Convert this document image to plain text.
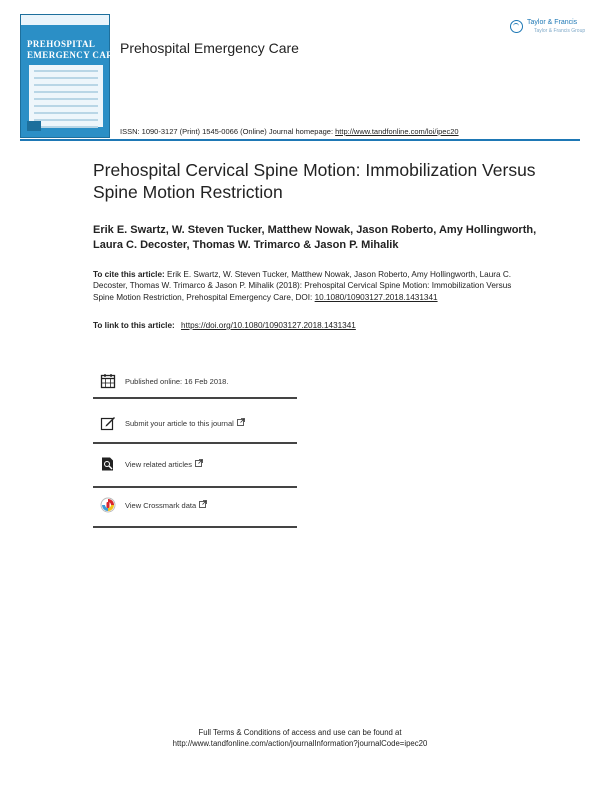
PREHOSPITAL
EMERGENCY CARE Prehospital Emergency Care
Taylor & Francis
Taylor & Francis Group
ISSN: 1090-3127 (Print) 1545-0066 (Online) Journal homepage: http://www.tandfonline.com/loi/ipec20
Prehospital Cervical Spine Motion: Immobilization Versus Spine Motion Restriction
Erik E. Swartz, W. Steven Tucker, Matthew Nowak, Jason Roberto, Amy Hollingworth, Laura C. Decoster, Thomas W. Trimarco & Jason P. Mihalik
To cite this article: Erik E. Swartz, W. Steven Tucker, Matthew Nowak, Jason Roberto, Amy Hollingworth, Laura C. Decoster, Thomas W. Trimarco & Jason P. Mihalik (2018): Prehospital Cervical Spine Motion: Immobilization Versus Spine Motion Restriction, Prehospital Emergency Care, DOI: 10.1080/10903127.2018.1431341
To link to this article: https://doi.org/10.1080/10903127.2018.1431341
Published online: 16 Feb 2018.
Submit your article to this journal
View related articles
View Crossmark data
Full Terms & Conditions of access and use can be found at
http://www.tandfonline.com/action/journalInformation?journalCode=ipec20
